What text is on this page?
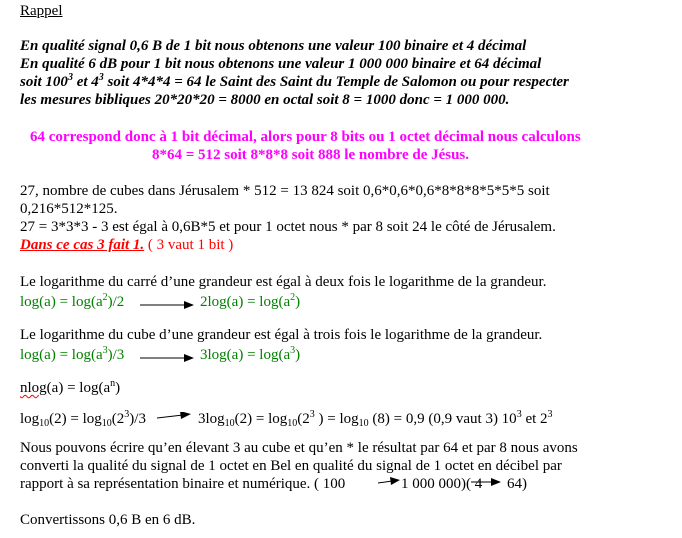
Rappel
En qualité signal 0,6 B de 1 bit nous obtenons une valeur 100 binaire et 4 décimal
En qualité 6 dB pour 1 bit nous obtenons une valeur 1 000 000 binaire et 64 décimal
soit $100^3$ et $4^3$ soit 4*4*4 = 64 le Saint des Saint du Temple de Salomon ou pour respecter
les mesures bibliques 20*20*20 = 8000 en octal soit 8 = 1000 donc = 1 000 000.
64 correspond donc à 1 bit décimal, alors pour 8 bits ou 1 octet décimal nous calculons
8*64 = 512 soit 8*8*8 soit 888 le nombre de Jésus.
27, nombre de cubes dans Jérusalem * 512 = 13 824 soit 0,6*0,6*0,6*8*8*8*5*5*5 soit
0,216*512*125.
27 = 3*3*3 - 3 est égal à 0,6B*5 et pour 1 octet nous * par 8 soit 24 le côté de Jérusalem.
Dans ce cas 3 fait 1. ( 3 vaut 1 bit )
Le logarithme du carré d’une grandeur est égal à deux fois le logarithme de la grandeur.
$\log(a) = \log(a^2)/2$	$2\log(a) = \log(a^2)$
Le logarithme du cube d’une grandeur est égal à trois fois le logarithme de la grandeur.
$\log(a) = \log(a^3)/3$	$3\log(a) = \log(a^3)$
$nlog(a) = \log(a^n)$
$\log_{10}(2) = \log_{10}(2^3)/3$	$3\log_{10}(2) = \log_{10}(2^3$ ) = $\log_{10} (8) = 0,9$ (0,9 vaut 3) $10^3$ et $2^3$
Nous pouvons écrire qu’en élevant 3 au cube et qu’en * le résultat par 64 et par 8 nous avons
converti la qualité du signal de 1 octet en Bel en qualité du signal de 1 octet en décibel par
rapport à sa représentation binaire et numérique. ( 100	1 000 000)( 4 64)
Convertissons 0,6 B en 6 dB.
